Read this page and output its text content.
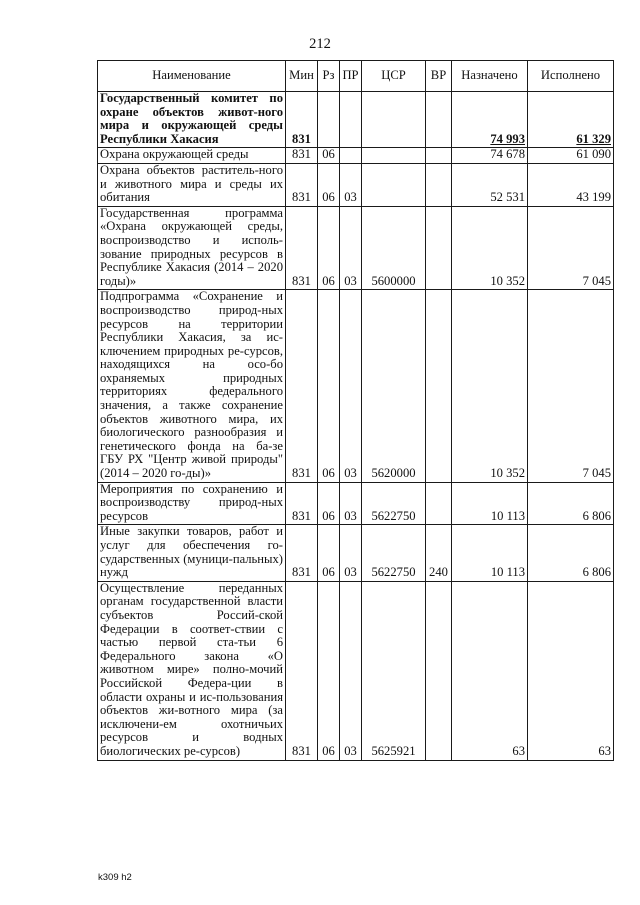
212
Наименование	Мин	Рз	ПР	ЦСР	ВР	Назначено	Исполнено
Государственный комитет по охране объектов живот-ного мира и окружающей среды Республики Хакасия	831					74 993	61 329
Охрана окружающей среды	831	06				74 678	61 090
Охрана объектов раститель-ного и животного мира и среды их обитания	831	06	03			52 531	43 199
Государственная программа «Охрана окружающей среды, воспроизводство и исполь-зование природных ресурсов в Республике Хакасия (2014 – 2020 годы)»	831	06	03	5600000		10 352	7 045
Подпрограмма «Сохранение и воспроизводство природ-ных ресурсов на территории Республики Хакасия, за ис-ключением природных ре-сурсов, находящихся на осо-бо охраняемых природных территориях федерального значения, а также сохранение объектов животного мира, их биологического разнообразия и генетического фонда на ба-зе ГБУ РХ "Центр живой природы" (2014 – 2020 го-ды)»	831	06	03	5620000		10 352	7 045
Мероприятия по сохранению и воспроизводству природ-ных ресурсов	831	06	03	5622750		10 113	6 806
Иные закупки товаров, работ и услуг для обеспечения го-сударственных (муници-пальных) нужд	831	06	03	5622750	240	10 113	6 806
Осуществление переданных органам государственной власти субъектов Россий-ской Федерации в соответ-ствии с частью первой ста-тьи 6 Федерального закона «О животном мире» полно-мочий Российской Федера-ции в области охраны и ис-пользования объектов жи-вотного мира (за исключени-ем охотничьих ресурсов и водных биологических ре-сурсов)	831	06	03	5625921		63	63
k309 h2
